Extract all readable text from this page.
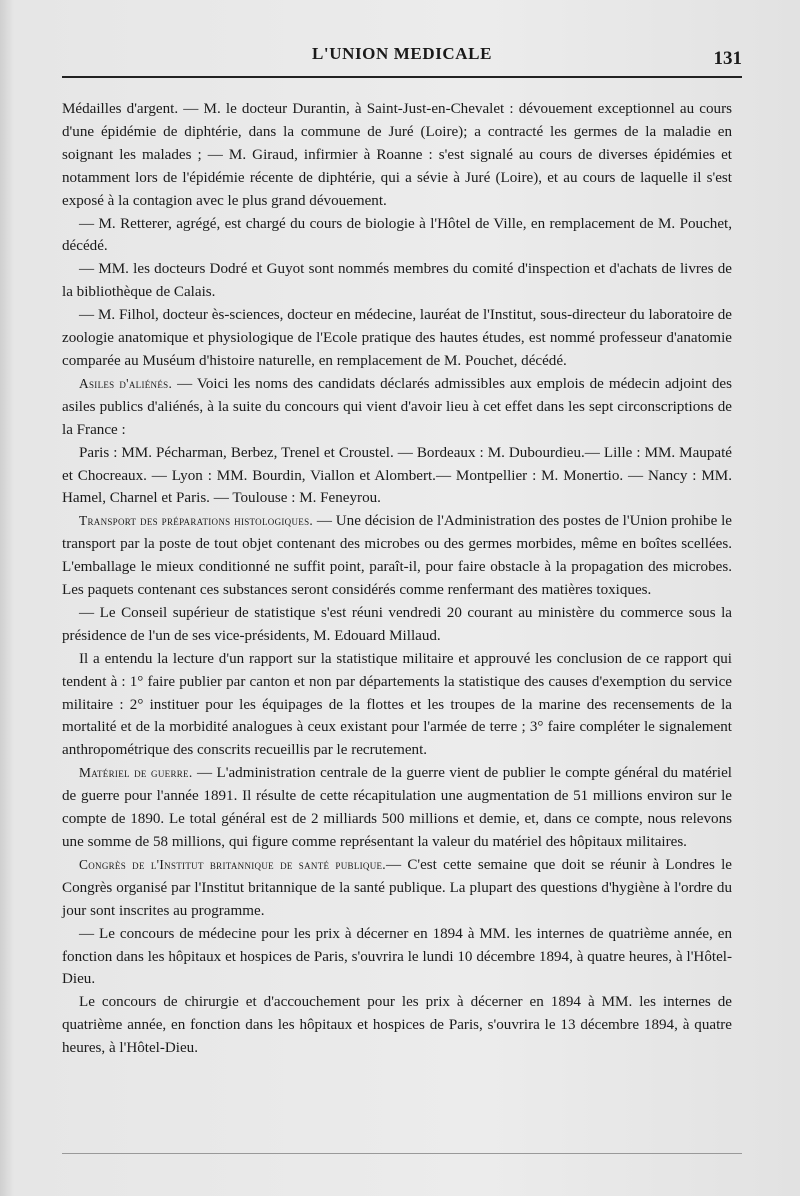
L'UNION MEDICALE	131

Médailles d'argent. — M. le docteur Durantin, à Saint-Just-en-Chevalet : dévouement exceptionnel au cours d'une épidémie de diphtérie, dans la commune de Juré (Loire); a contracté les germes de la maladie en soignant les malades ; — M. Giraud, infirmier à Roanne : s'est signalé au cours de diverses épidémies et notamment lors de l'épidémie récente de diphtérie, qui a sévie à Juré (Loire), et au cours de laquelle il s'est exposé à la contagion avec le plus grand dévouement.

— M. Retterer, agrégé, est chargé du cours de biologie à l'Hôtel de Ville, en remplacement de M. Pouchet, décédé.

— MM. les docteurs Dodré et Guyot sont nommés membres du comité d'inspection et d'achats de livres de la bibliothèque de Calais.

— M. Filhol, docteur ès-sciences, docteur en médecine, lauréat de l'Institut, sous-directeur du laboratoire de zoologie anatomique et physiologique de l'Ecole pratique des hautes études, est nommé professeur d'anatomie comparée au Muséum d'histoire naturelle, en remplacement de M. Pouchet, décédé.

Asiles d'aliénés. — Voici les noms des candidats déclarés admissibles aux emplois de médecin adjoint des asiles publics d'aliénés, à la suite du concours qui vient d'avoir lieu à cet effet dans les sept circonscriptions de la France :

Paris : MM. Pécharman, Berbez, Trenel et Croustel. — Bordeaux : M. Dubourdieu.— Lille : MM. Maupaté et Chocreaux. — Lyon : MM. Bourdin, Viallon et Alombert.— Montpellier : M. Monertio. — Nancy : MM. Hamel, Charnel et Paris. — Toulouse : M. Feneyrou.

Transport des préparations histologiques. — Une décision de l'Administration des postes de l'Union prohibe le transport par la poste de tout objet contenant des microbes ou des germes morbides, même en boîtes scellées. L'emballage le mieux conditionné ne suffit point, paraît-il, pour faire obstacle à la propagation des microbes. Les paquets contenant ces substances seront considérés comme renfermant des matières toxiques.

— Le Conseil supérieur de statistique s'est réuni vendredi 20 courant au ministère du commerce sous la présidence de l'un de ses vice-présidents, M. Edouard Millaud.

Il a entendu la lecture d'un rapport sur la statistique militaire et approuvé les conclusion de ce rapport qui tendent à : 1° faire publier par canton et non par départements la statistique des causes d'exemption du service militaire : 2° instituer pour les équipages de la flottes et les troupes de la marine des recensements de la mortalité et de la morbidité analogues à ceux existant pour l'armée de terre ; 3° faire compléter le signalement anthropométrique des conscrits recueillis par le recrutement.

Matériel de guerre. — L'administration centrale de la guerre vient de publier le compte général du matériel de guerre pour l'année 1891. Il résulte de cette récapitulation une augmentation de 51 millions environ sur le compte de 1890. Le total général est de 2 milliards 500 millions et demie, et, dans ce compte, nous relevons une somme de 58 millions, qui figure comme représentant la valeur du matériel des hôpitaux militaires.

Congrès de l'Institut britannique de santé publique.— C'est cette semaine que doit se réunir à Londres le Congrès organisé par l'Institut britannique de la santé publique. La plupart des questions d'hygiène à l'ordre du jour sont inscrites au programme.

— Le concours de médecine pour les prix à décerner en 1894 à MM. les internes de quatrième année, en fonction dans les hôpitaux et hospices de Paris, s'ouvrira le lundi 10 décembre 1894, à quatre heures, à l'Hôtel-Dieu.

Le concours de chirurgie et d'accouchement pour les prix à décerner en 1894 à MM. les internes de quatrième année, en fonction dans les hôpitaux et hospices de Paris, s'ouvrira le 13 décembre 1894, à quatre heures, à l'Hôtel-Dieu.
